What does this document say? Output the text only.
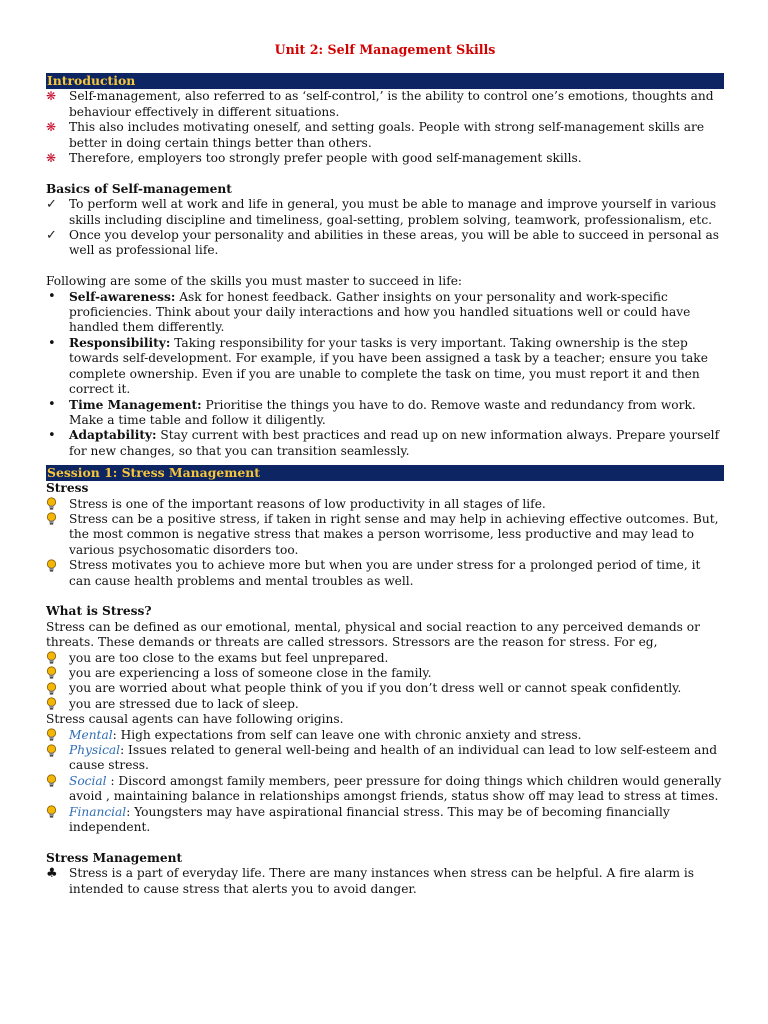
Unit 2: Self Management Skills
Introduction
❋	Self-management, also referred to as ‘self-control,’ is the ability to control one’s emotions, thoughts and behaviour effectively in different situations.
❋	This also includes motivating oneself, and setting goals. People with strong self-management skills are better in doing certain things better than others.
❋	Therefore, employers too strongly prefer people with good self-management skills.
Basics of Self-management
✓ To perform well at work and life in general, you must be able to manage and improve yourself in various skills including discipline and timeliness, goal-setting, problem solving, teamwork, professionalism, etc.
✓ Once you develop your personality and abilities in these areas, you will be able to succeed in personal as well as professional life.
Following are some of the skills you must master to succeed in life:
•	Self-awareness: Ask for honest feedback. Gather insights on your personality and work-specific proficiencies. Think about your daily interactions and how you handled situations well or could have handled them differently.
•	Responsibility: Taking responsibility for your tasks is very important. Taking ownership is the step towards self-development. For example, if you have been assigned a task by a teacher; ensure you take complete ownership. Even if you are unable to complete the task on time, you must report it and then correct it.
•	Time Management: Prioritise the things you have to do. Remove waste and redundancy from work. Make a time table and follow it diligently.
•	Adaptability: Stay current with best practices and read up on new information always. Prepare yourself for new changes, so that you can transition seamlessly.
Session 1: Stress Management
Stress
Stress is one of the important reasons of low productivity in all stages of life.
Stress can be a positive stress, if taken in right sense and may help in achieving effective outcomes. But, the most common is negative stress that makes a person worrisome, less productive and may lead to various psychosomatic disorders too.
Stress motivates you to achieve more but when you are under stress for a prolonged period of time, it can cause health problems and mental troubles as well.
What is Stress?
Stress can be defined as our emotional, mental, physical and social reaction to any perceived demands or threats. These demands or threats are called stressors. Stressors are the reason for stress. For eg,
you are too close to the exams but feel unprepared.
you are experiencing a loss of someone close in the family.
you are worried about what people think of you if you don’t dress well or cannot speak confidently.
you are stressed due to lack of sleep.
Stress causal agents can have following origins.
Mental: High expectations from self can leave one with chronic anxiety and stress.
Physical: Issues related to general well-being and health of an individual can lead to low self-esteem and cause stress.
Social : Discord amongst family members, peer pressure for doing things which children would generally avoid , maintaining balance in relationships amongst friends, status show off may lead to stress at times.
Financial: Youngsters may have aspirational financial stress. This may be of becoming financially independent.
Stress Management
♣ Stress is a part of everyday life. There are many instances when stress can be helpful. A fire alarm is intended to cause stress that alerts you to avoid danger.
